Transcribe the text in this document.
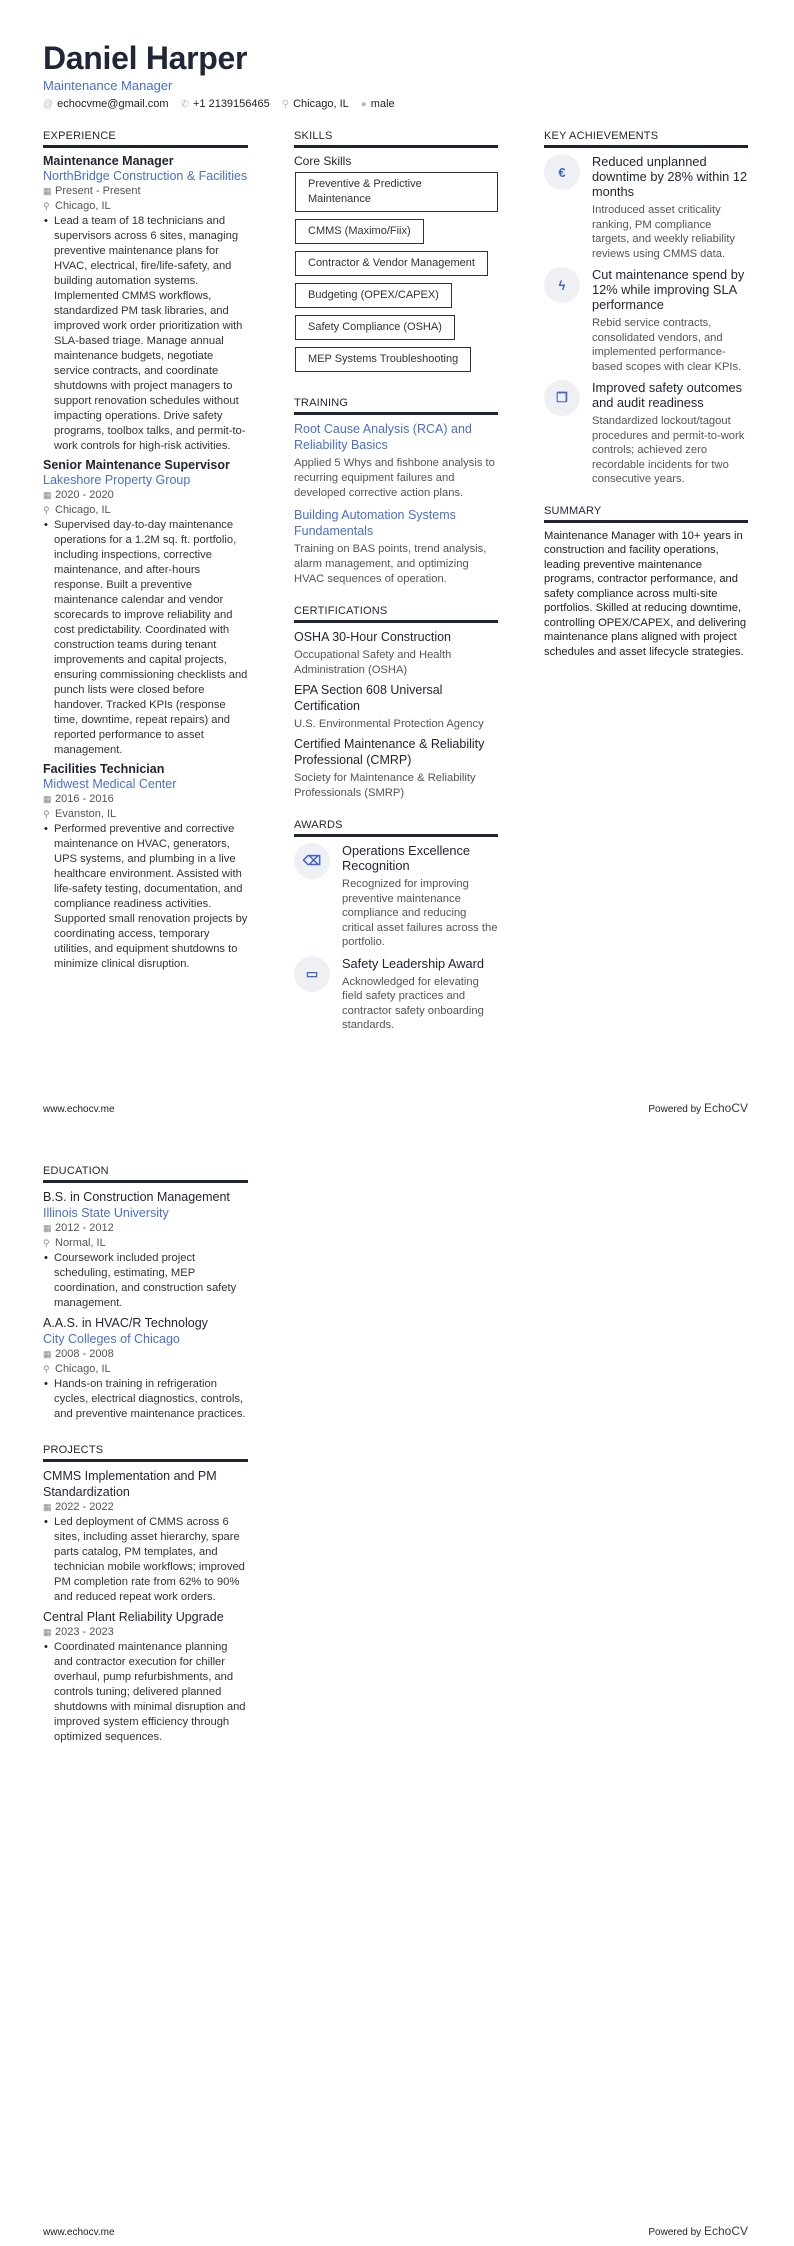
Daniel Harper
Maintenance Manager
@ echocvme@gmail.com ✆ +1 2139156465 ⚲ Chicago, IL ● male
EXPERIENCE
Maintenance Manager
NorthBridge Construction & Facilities
▦ Present - Present
⚲ Chicago, IL
• Lead a team of 18 technicians and supervisors across 6 sites, managing preventive maintenance plans for HVAC, electrical, fire/life-safety, and building automation systems. Implemented CMMS workflows, standardized PM task libraries, and improved work order prioritization with SLA-based triage. Manage annual maintenance budgets, negotiate service contracts, and coordinate shutdowns with project managers to support renovation schedules without impacting operations. Drive safety programs, toolbox talks, and permit-to-work controls for high-risk activities.
Senior Maintenance Supervisor
Lakeshore Property Group
▦ 2020 - 2020
⚲ Chicago, IL
• Supervised day-to-day maintenance operations for a 1.2M sq. ft. portfolio, including inspections, corrective maintenance, and after-hours response. Built a preventive maintenance calendar and vendor scorecards to improve reliability and cost predictability. Coordinated with construction teams during tenant improvements and capital projects, ensuring commissioning checklists and punch lists were closed before handover. Tracked KPIs (response time, downtime, repeat repairs) and reported performance to asset management.
Facilities Technician
Midwest Medical Center
▦ 2016 - 2016
⚲ Evanston, IL
• Performed preventive and corrective maintenance on HVAC, generators, UPS systems, and plumbing in a live healthcare environment. Assisted with life-safety testing, documentation, and compliance readiness activities. Supported small renovation projects by coordinating access, temporary utilities, and equipment shutdowns to minimize clinical disruption.
SKILLS
Core Skills
Preventive & Predictive Maintenance
CMMS (Maximo/Fiix)
Contractor & Vendor Management
Budgeting (OPEX/CAPEX)
Safety Compliance (OSHA)
MEP Systems Troubleshooting
TRAINING
Root Cause Analysis (RCA) and Reliability Basics
Applied 5 Whys and fishbone analysis to recurring equipment failures and developed corrective action plans.
Building Automation Systems Fundamentals
Training on BAS points, trend analysis, alarm management, and optimizing HVAC sequences of operation.
CERTIFICATIONS
OSHA 30-Hour Construction
Occupational Safety and Health Administration (OSHA)
EPA Section 608 Universal Certification
U.S. Environmental Protection Agency
Certified Maintenance & Reliability Professional (CMRP)
Society for Maintenance & Reliability Professionals (SMRP)
AWARDS
⌫
Operations Excellence Recognition
Recognized for improving preventive maintenance compliance and reducing critical asset failures across the portfolio.
▭
Safety Leadership Award
Acknowledged for elevating field safety practices and contractor safety onboarding standards.
KEY ACHIEVEMENTS
€
Reduced unplanned downtime by 28% within 12 months
Introduced asset criticality ranking, PM compliance targets, and weekly reliability reviews using CMMS data.
ϟ
Cut maintenance spend by 12% while improving SLA performance
Rebid service contracts, consolidated vendors, and implemented performance-based scopes with clear KPIs.
❐
Improved safety outcomes and audit readiness
Standardized lockout/tagout procedures and permit-to-work controls; achieved zero recordable incidents for two consecutive years.
SUMMARY
Maintenance Manager with 10+ years in construction and facility operations, leading preventive maintenance programs, contractor performance, and safety compliance across multi-site portfolios. Skilled at reducing downtime, controlling OPEX/CAPEX, and delivering maintenance plans aligned with project schedules and asset lifecycle strategies.
www.echocv.me	Powered by EchoCV
EDUCATION
B.S. in Construction Management
Illinois State University
▦ 2012 - 2012
⚲ Normal, IL
• Coursework included project scheduling, estimating, MEP coordination, and construction safety management.
A.A.S. in HVAC/R Technology
City Colleges of Chicago
▦ 2008 - 2008
⚲ Chicago, IL
• Hands-on training in refrigeration cycles, electrical diagnostics, controls, and preventive maintenance practices.
PROJECTS
CMMS Implementation and PM Standardization
▦ 2022 - 2022
• Led deployment of CMMS across 6 sites, including asset hierarchy, spare parts catalog, PM templates, and technician mobile workflows; improved PM completion rate from 62% to 90% and reduced repeat work orders.
Central Plant Reliability Upgrade
▦ 2023 - 2023
• Coordinated maintenance planning and contractor execution for chiller overhaul, pump refurbishments, and controls tuning; delivered planned shutdowns with minimal disruption and improved system efficiency through optimized sequences.
www.echocv.me	Powered by EchoCV
